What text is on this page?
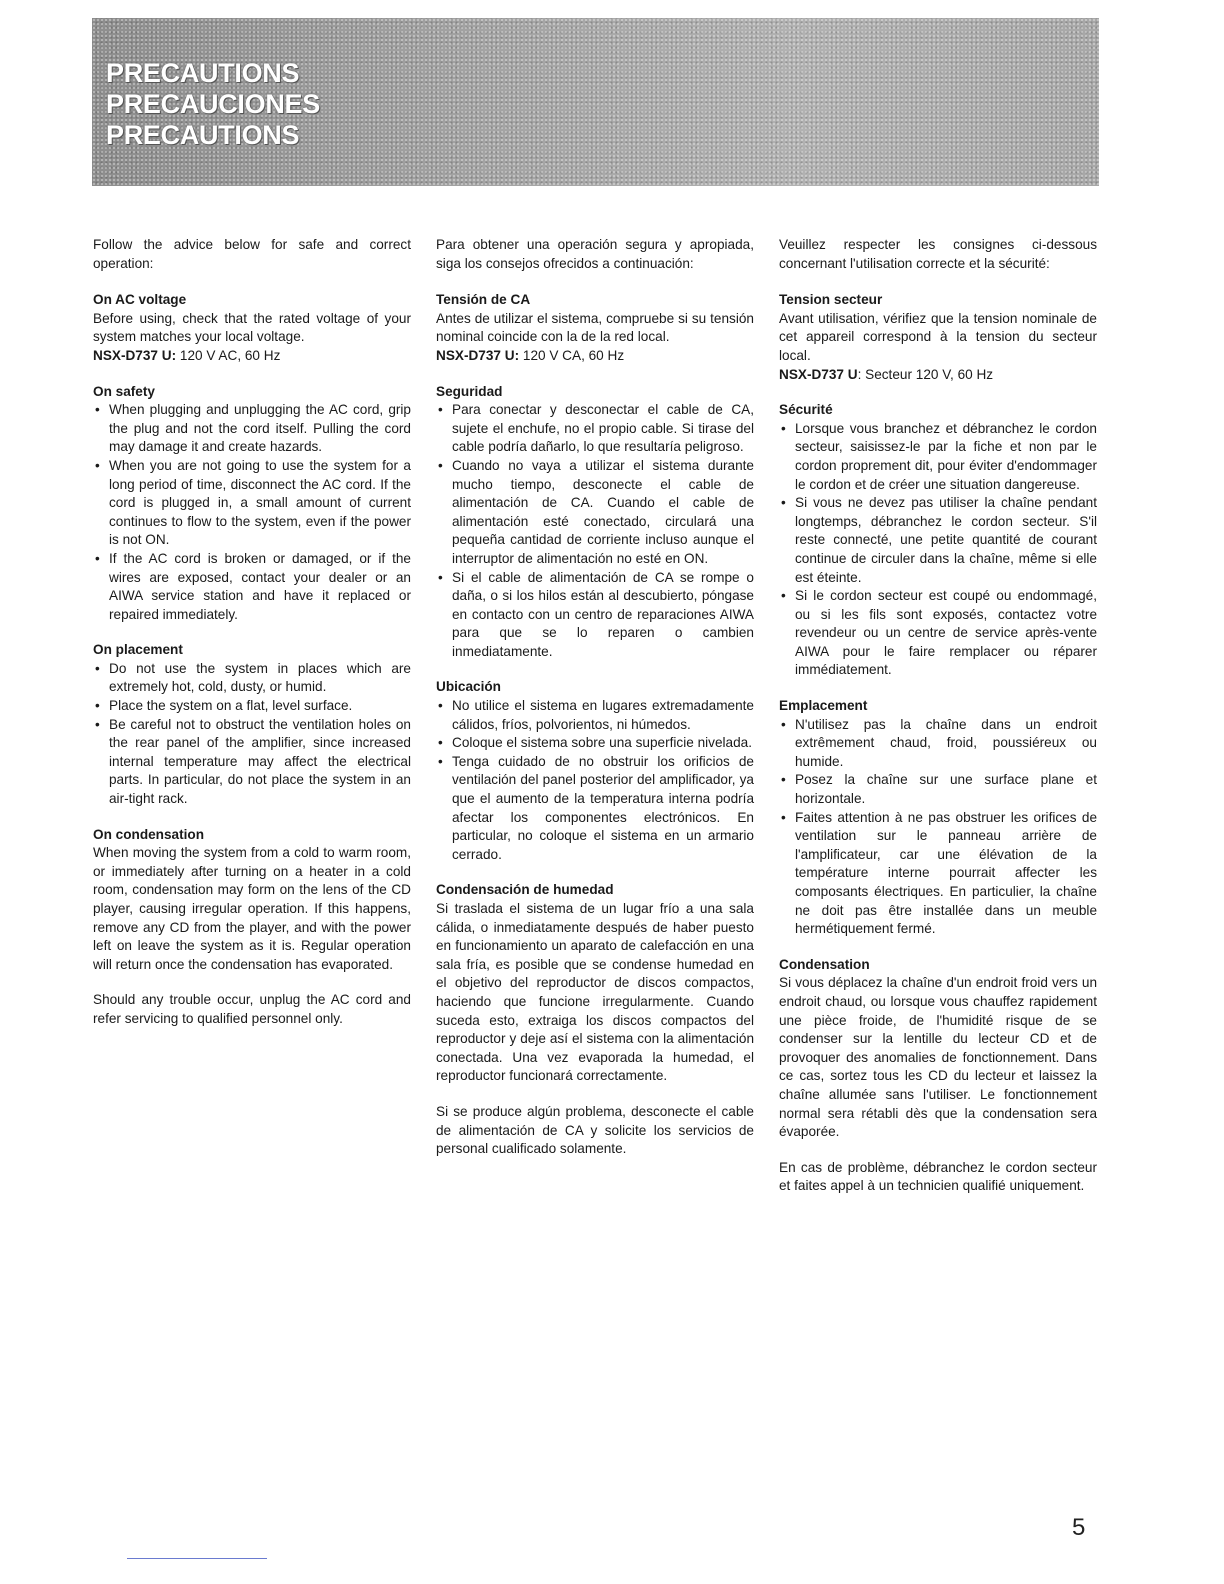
PRECAUTIONS
PRECAUCIONES
PRECAUTIONS

Follow the advice below for safe and correct operation:

On AC voltage

Before using, check that the rated voltage of your system matches your local voltage.

NSX-D737 U: 120 V AC, 60 Hz

On safety
• When plugging and unplugging the AC cord, grip the plug and not the cord itself. Pulling the cord may damage it and create hazards.
• When you are not going to use the system for a long period of time, disconnect the AC cord. If the cord is plugged in, a small amount of current continues to flow to the system, even if the power is not ON.
• If the AC cord is broken or damaged, or if the wires are exposed, contact your dealer or an AIWA service station and have it replaced or repaired immediately.
On placement
• Do not use the system in places which are extremely hot, cold, dusty, or humid.
• Place the system on a flat, level surface.
• Be careful not to obstruct the ventilation holes on the rear panel of the amplifier, since increased internal temperature may affect the electrical parts. In particular, do not place the system in an air-tight rack.
On condensation

When moving the system from a cold to warm room, or immediately after turning on a heater in a cold room, condensation may form on the lens of the CD player, causing irregular operation. If this happens, remove any CD from the player, and with the power left on leave the system as it is. Regular operation will return once the condensation has evaporated.

Should any trouble occur, unplug the AC cord and refer servicing to qualified personnel only.

Para obtener una operación segura y apropiada, siga los consejos ofrecidos a continuación:

Tensión de CA

Antes de utilizar el sistema, compruebe si su tensión nominal coincide con la de la red local.

NSX-D737 U: 120 V CA, 60 Hz

Seguridad
• Para conectar y desconectar el cable de CA, sujete el enchufe, no el propio cable. Si tirase del cable podría dañarlo, lo que resultaría peligroso.
• Cuando no vaya a utilizar el sistema durante mucho tiempo, desconecte el cable de alimentación de CA. Cuando el cable de alimentación esté conectado, circulará una pequeña cantidad de corriente incluso aunque el interruptor de alimentación no esté en ON.
• Si el cable de alimentación de CA se rompe o daña, o si los hilos están al descubierto, póngase en contacto con un centro de reparaciones AIWA para que se lo reparen o cambien inmediatamente.
Ubicación
• No utilice el sistema en lugares extremadamente cálidos, fríos, polvorientos, ni húmedos.
• Coloque el sistema sobre una superficie nivelada.
• Tenga cuidado de no obstruir los orificios de ventilación del panel posterior del amplificador, ya que el aumento de la temperatura interna podría afectar los componentes electrónicos. En particular, no coloque el sistema en un armario cerrado.
Condensación de humedad

Si traslada el sistema de un lugar frío a una sala cálida, o inmediatamente después de haber puesto en funcionamiento un aparato de calefacción en una sala fría, es posible que se condense humedad en el objetivo del reproductor de discos compactos, haciendo que funcione irregularmente. Cuando suceda esto, extraiga los discos compactos del reproductor y deje así el sistema con la alimentación conectada. Una vez evaporada la humedad, el reproductor funcionará correctamente.

Si se produce algún problema, desconecte el cable de alimentación de CA y solicite los servicios de personal cualificado solamente.

Veuillez respecter les consignes ci-dessous concernant l'utilisation correcte et la sécurité:

Tension secteur

Avant utilisation, vérifiez que la tension nominale de cet appareil correspond à la tension du secteur local.

NSX-D737 U: Secteur 120 V, 60 Hz

Sécurité
• Lorsque vous branchez et débranchez le cordon secteur, saisissez-le par la fiche et non par le cordon proprement dit, pour éviter d'endommager le cordon et de créer une situation dangereuse.
• Si vous ne devez pas utiliser la chaîne pendant longtemps, débranchez le cordon secteur. S'il reste connecté, une petite quantité de courant continue de circuler dans la chaîne, même si elle est éteinte.
• Si le cordon secteur est coupé ou endommagé, ou si les fils sont exposés, contactez votre revendeur ou un centre de service après-vente AIWA pour le faire remplacer ou réparer immédiatement.
Emplacement
• N'utilisez pas la chaîne dans un endroit extrêmement chaud, froid, poussiéreux ou humide.
• Posez la chaîne sur une surface plane et horizontale.
• Faites attention à ne pas obstruer les orifices de ventilation sur le panneau arrière de l'amplificateur, car une élévation de la température interne pourrait affecter les composants électriques. En particulier, la chaîne ne doit pas être installée dans un meuble hermétiquement fermé.
Condensation

Si vous déplacez la chaîne d'un endroit froid vers un endroit chaud, ou lorsque vous chauffez rapidement une pièce froide, de l'humidité risque de se condenser sur la lentille du lecteur CD et de provoquer des anomalies de fonctionnement. Dans ce cas, sortez tous les CD du lecteur et laissez la chaîne allumée sans l'utiliser. Le fonctionnement normal sera rétabli dès que la condensation sera évaporée.

En cas de problème, débranchez le cordon secteur et faites appel à un technicien qualifié uniquement.

5
